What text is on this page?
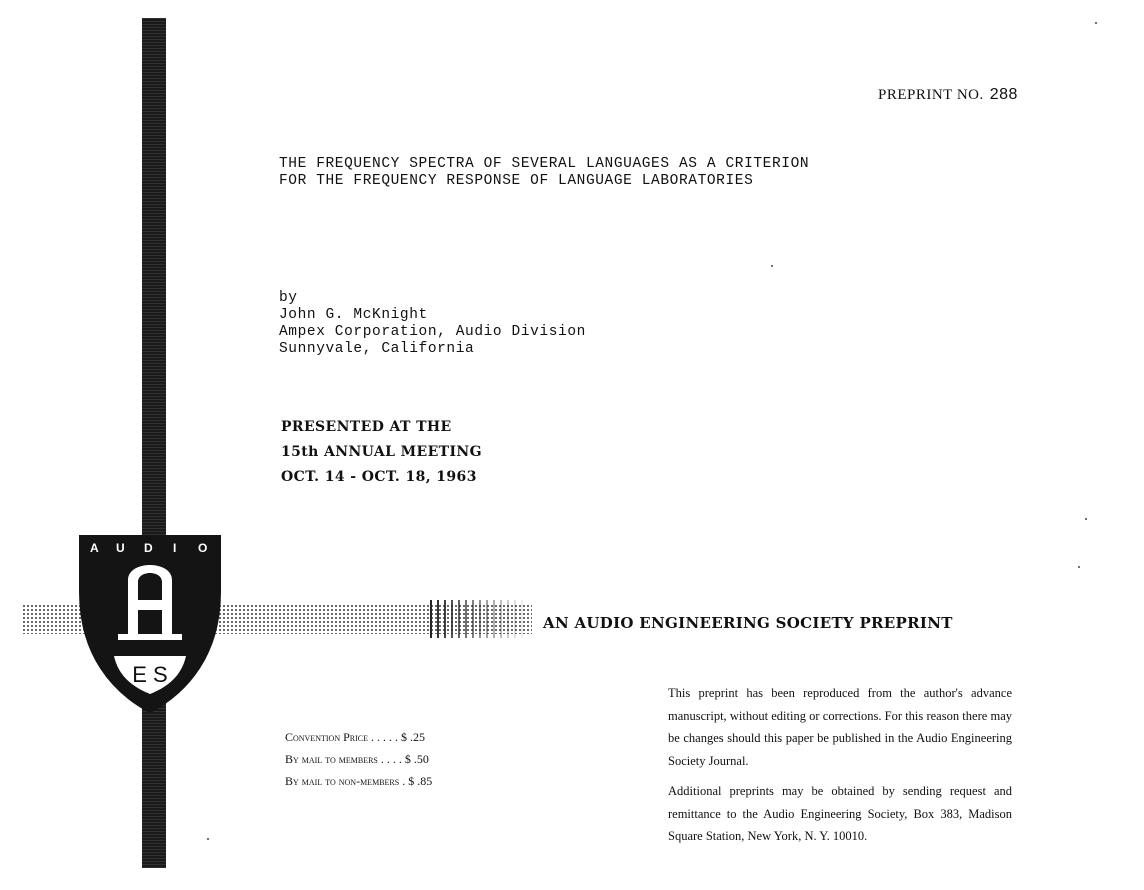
A U D I O
E S
PREPRINT NO. 288
THE FREQUENCY SPECTRA OF SEVERAL LANGUAGES AS A CRITERION
FOR THE FREQUENCY RESPONSE OF LANGUAGE LABORATORIES
by
John G. McKnight
Ampex Corporation, Audio Division
Sunnyvale, California
PRESENTED AT THE
15th ANNUAL MEETING
OCT. 14 - OCT. 18, 1963
AN AUDIO ENGINEERING SOCIETY PREPRINT
Convention Price . . . . . $ .25
By mail to members . . . . $ .50
By mail to non-members . $ .85

This preprint has been reproduced from the author's advance manuscript, without editing or corrections. For this reason there may be changes should this paper be published in the Audio Engineering Society Journal.

Additional preprints may be obtained by sending request and remittance to the Audio Engineering Society, Box 383, Madison Square Station, New York, N. Y. 10010.
